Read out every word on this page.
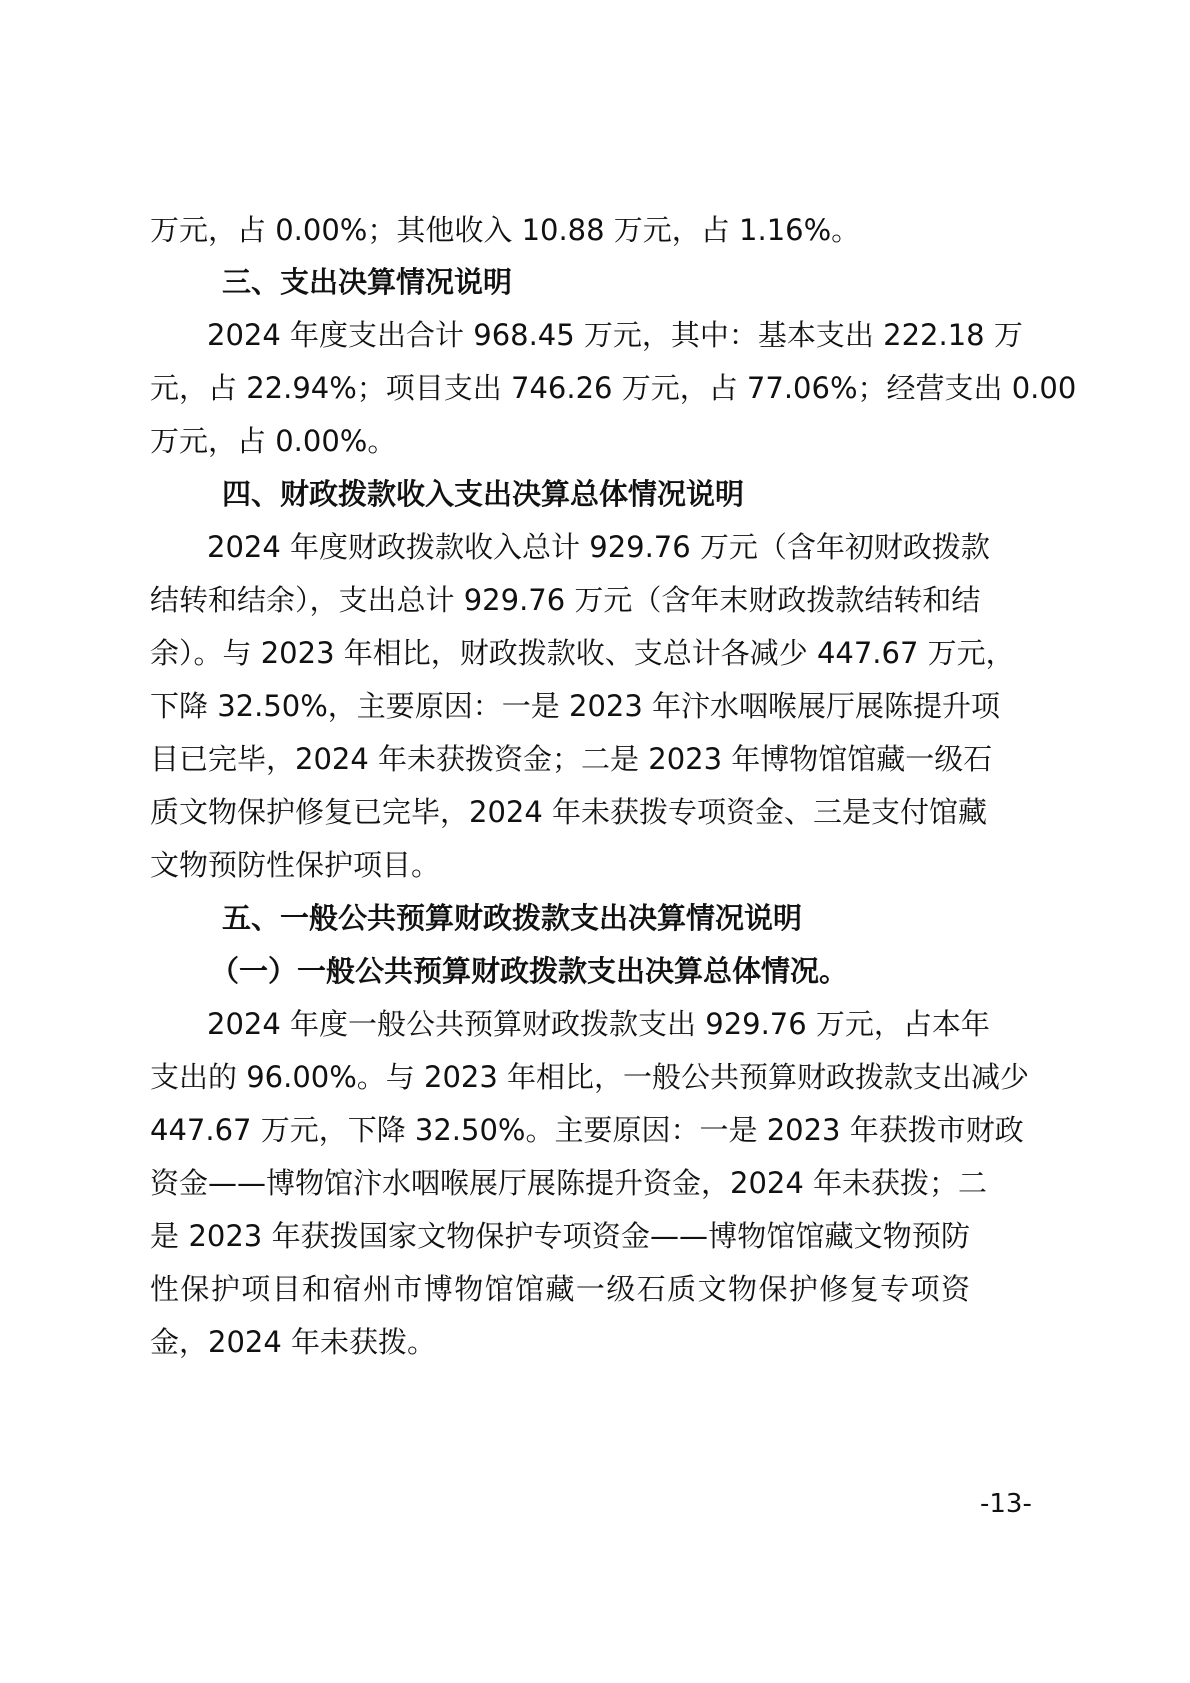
万元，占 0.00%；其他收入 10.88 万元，占 1.16%。
三、支出决算情况说明
2024 年度支出合计 968.45 万元，其中：基本支出 222.18 万
元，占 22.94%；项目支出 746.26 万元，占 77.06%；经营支出 0.00
万元，占 0.00%。
四、财政拨款收入支出决算总体情况说明
2024 年度财政拨款收入总计 929.76 万元（含年初财政拨款
结转和结余），支出总计 929.76 万元（含年末财政拨款结转和结
余）。与 2023 年相比，财政拨款收、支总计各减少 447.67 万元，
下降 32.50%，主要原因：一是 2023 年汴水咽喉展厅展陈提升项
目已完毕，2024 年未获拨资金；二是 2023 年博物馆馆藏一级石
质文物保护修复已完毕，2024 年未获拨专项资金、三是支付馆藏
文物预防性保护项目。
五、一般公共预算财政拨款支出决算情况说明
（一）一般公共预算财政拨款支出决算总体情况。
2024 年度一般公共预算财政拨款支出 929.76 万元，占本年
支出的 96.00%。与 2023 年相比，一般公共预算财政拨款支出减少
447.67 万元，下降 32.50%。主要原因：一是 2023 年获拨市财政
资金——博物馆汴水咽喉展厅展陈提升资金，2024 年未获拨；二
是 2023 年获拨国家文物保护专项资金——博物馆馆藏文物预防
性保护项目和宿州市博物馆馆藏一级石质文物保护修复专项资
金，2024 年未获拨。
-13-
